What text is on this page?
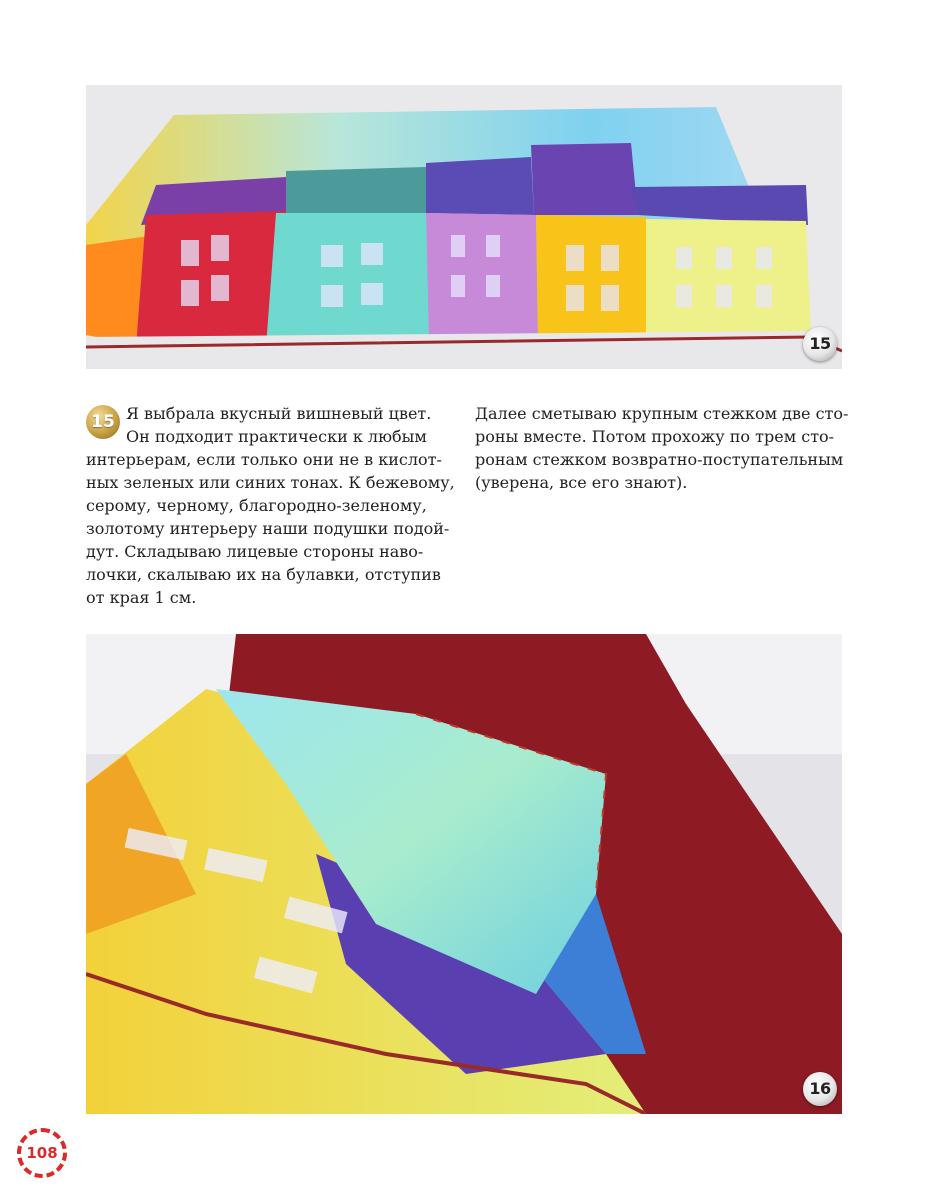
15
15 Я выбрала вкусный вишневый цвет.
Он подходит практически к любым
интерьерам, если только они не в кислот-
ных зеленых или синих тонах. К бежевому,
серому, черному, благородно-зеленому,
золотому интерьеру наши подушки подой-
дут. Складываю лицевые стороны наво-
лочки, скалываю их на булавки, отступив
от края 1 см.
Далее сметываю крупным стежком две сто-
роны вместе. Потом прохожу по трем сто-
ронам стежком возвратно-поступательным
(уверена, все его знают).
16
108
